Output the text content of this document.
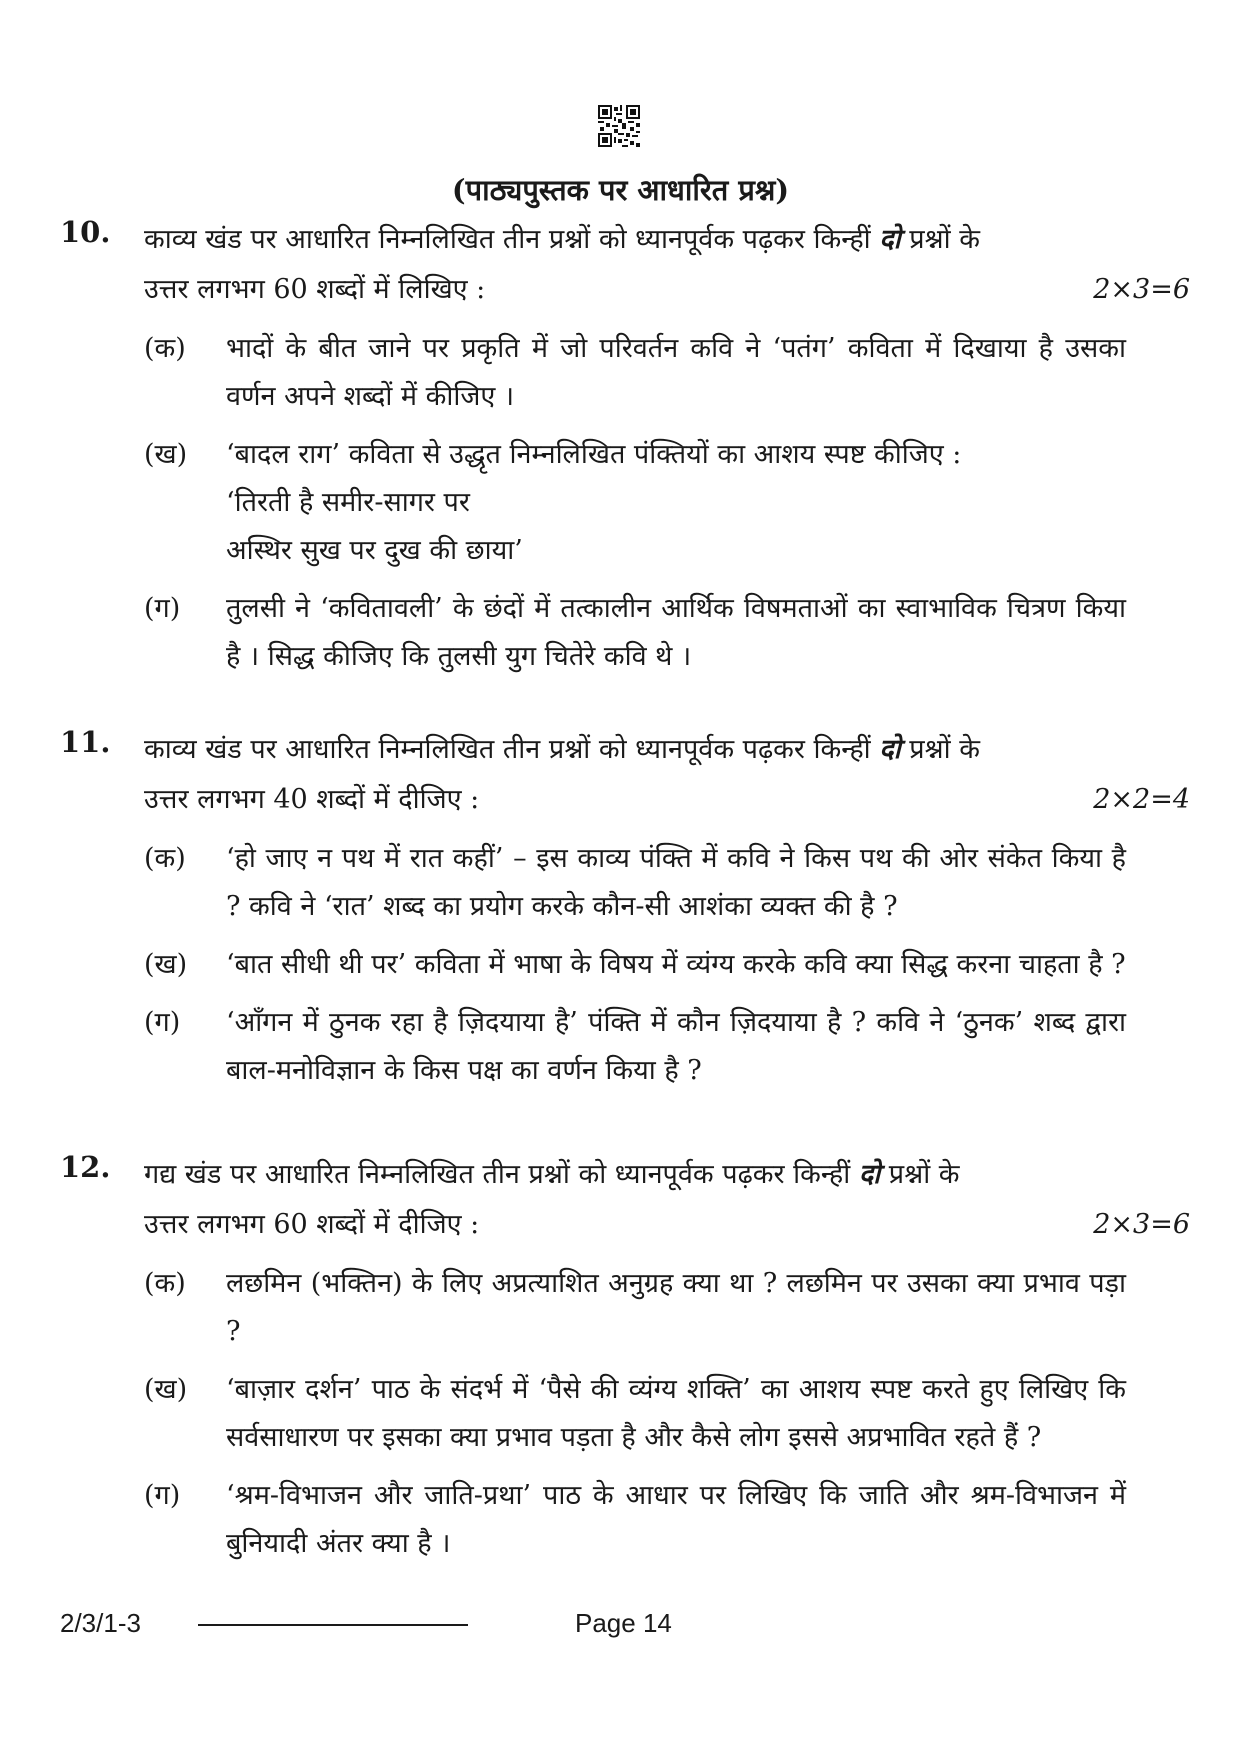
(पाठ्यपुस्तक पर आधारित प्रश्न)
10. काव्य खंड पर आधारित निम्नलिखित तीन प्रश्नों को ध्यानपूर्वक पढ़कर किन्हीं दो प्रश्नों के
उत्तर लगभग 60 शब्दों में लिखिए :	2×3=6
(क) भादों के बीत जाने पर प्रकृति में जो परिवर्तन कवि ने ‘पतंग’ कविता में दिखाया है उसका वर्णन अपने शब्दों में कीजिए ।
(ख) ‘बादल राग’ कविता से उद्धृत निम्नलिखित पंक्तियों का आशय स्पष्ट कीजिए :
‘तिरती है समीर-सागर पर
अस्थिर सुख पर दुख की छाया’
(ग) तुलसी ने ‘कवितावली’ के छंदों में तत्कालीन आर्थिक विषमताओं का स्वाभाविक चित्रण किया है । सिद्ध कीजिए कि तुलसी युग चितेरे कवि थे ।
11. काव्य खंड पर आधारित निम्नलिखित तीन प्रश्नों को ध्यानपूर्वक पढ़कर किन्हीं दो प्रश्नों के
उत्तर लगभग 40 शब्दों में दीजिए :	2×2=4
(क) ‘हो जाए न पथ में रात कहीं’ – इस काव्य पंक्ति में कवि ने किस पथ की ओर संकेत किया है ? कवि ने ‘रात’ शब्द का प्रयोग करके कौन-सी आशंका व्यक्त की है ?
(ख) ‘बात सीधी थी पर’ कविता में भाषा के विषय में व्यंग्य करके कवि क्या सिद्ध करना चाहता है ?
(ग) ‘आँगन में ठुनक रहा है ज़िदयाया है’ पंक्ति में कौन ज़िदयाया है ? कवि ने ‘ठुनक’ शब्द द्वारा बाल-मनोविज्ञान के किस पक्ष का वर्णन किया है ?
12. गद्य खंड पर आधारित निम्नलिखित तीन प्रश्नों को ध्यानपूर्वक पढ़कर किन्हीं दो प्रश्नों के
उत्तर लगभग 60 शब्दों में दीजिए :	2×3=6
(क) लछमिन (भक्तिन) के लिए अप्रत्याशित अनुग्रह क्या था ? लछमिन पर उसका क्या प्रभाव पड़ा ?
(ख) ‘बाज़ार दर्शन’ पाठ के संदर्भ में ‘पैसे की व्यंग्य शक्ति’ का आशय स्पष्ट करते हुए लिखिए कि सर्वसाधारण पर इसका क्या प्रभाव पड़ता है और कैसे लोग इससे अप्रभावित रहते हैं ?
(ग) ‘श्रम-विभाजन और जाति-प्रथा’ पाठ के आधार पर लिखिए कि जाति और श्रम-विभाजन में बुनियादी अंतर क्या है ।
2/3/1-3	Page 14
